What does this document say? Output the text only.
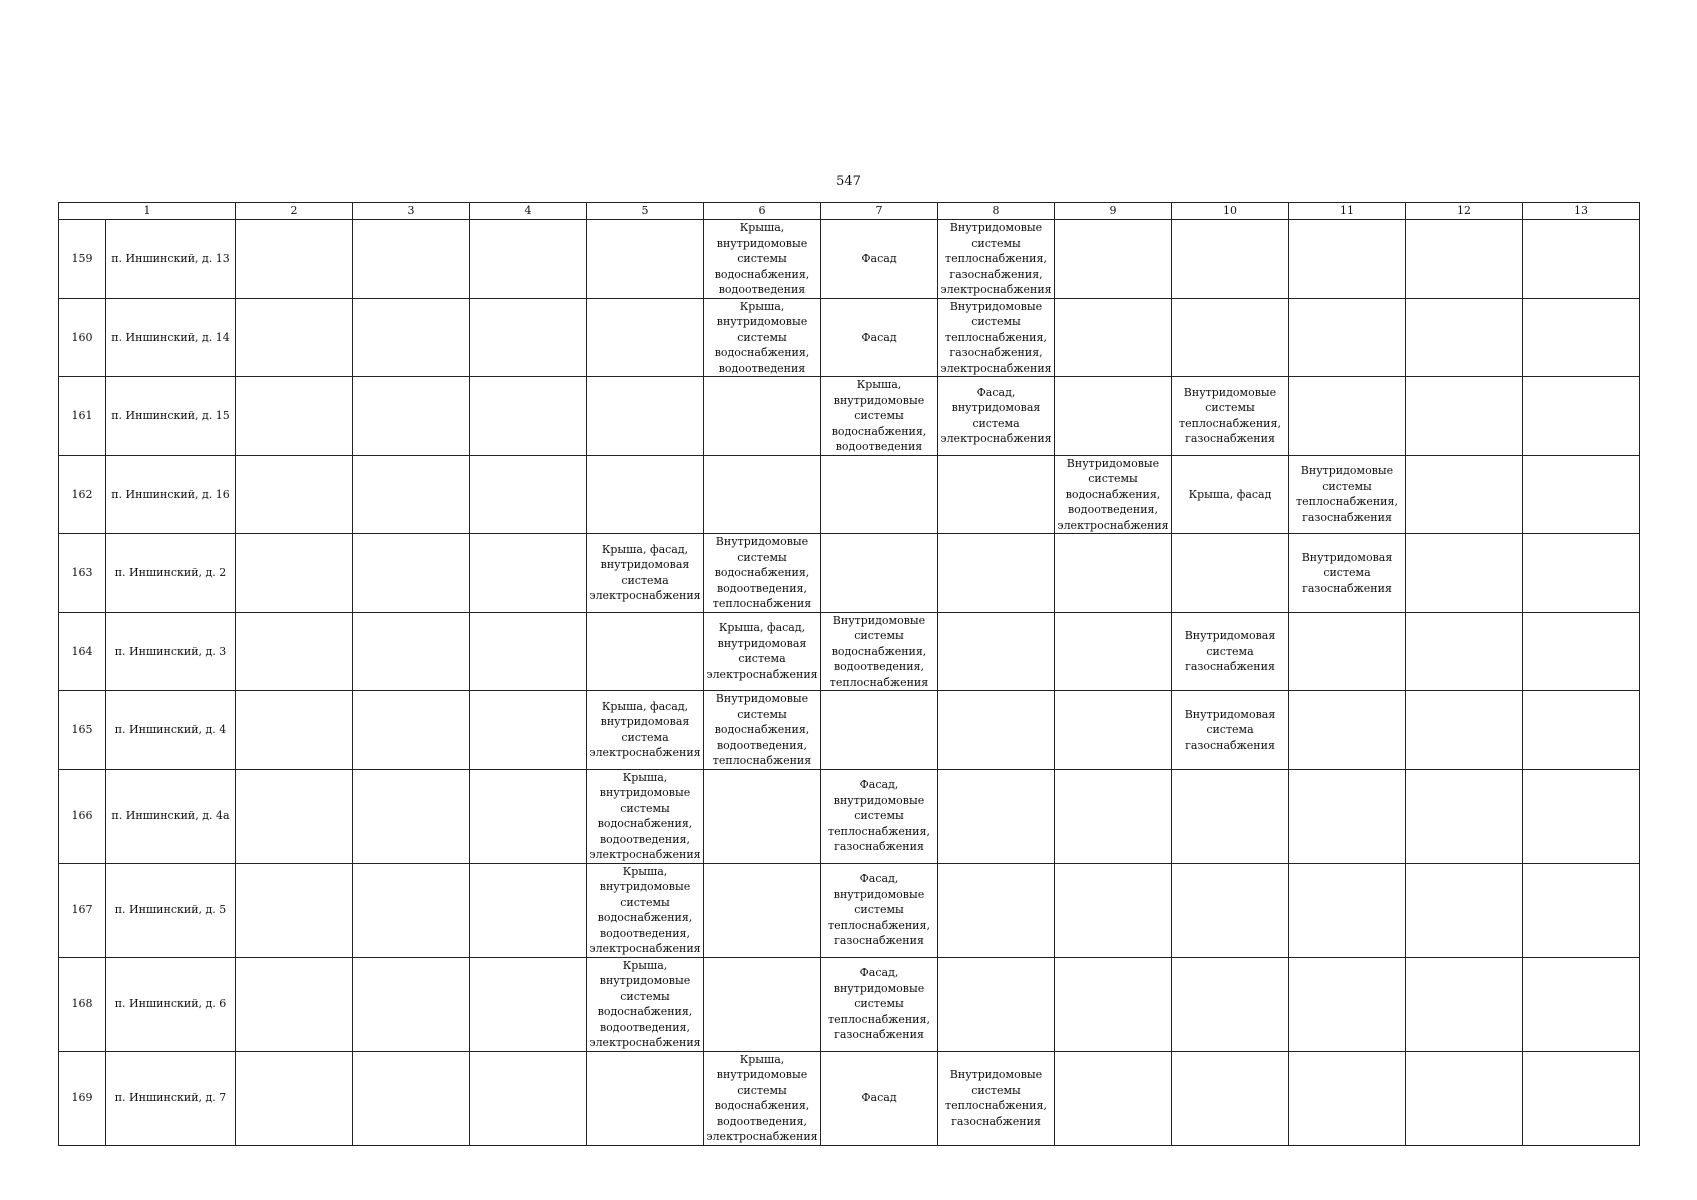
547
1		2	3	4	5	6	7	8	9	10	11	12	13
159	п. Иншинский, д. 13					Крыша, внутридомовые системы водоснабжения, водоотведения	Фасад	Внутридомовые системы теплоснабжения, газоснабжения, электроснабжения					
160	п. Иншинский, д. 14					Крыша, внутридомовые системы водоснабжения, водоотведения	Фасад	Внутридомовые системы теплоснабжения, газоснабжения, электроснабжения					
161	п. Иншинский, д. 15						Крыша, внутридомовые системы водоснабжения, водоотведения	Фасад, внутридомовая система электроснабжения		Внутридомовые системы теплоснабжения, газоснабжения			
162	п. Иншинский, д. 16								Внутридомовые системы водоснабжения, водоотведения, электроснабжения	Крыша, фасад	Внутридомовые системы теплоснабжения, газоснабжения		
163	п. Иншинский, д. 2				Крыша, фасад, внутридомовая система электроснабжения	Внутридомовые системы водоснабжения, водоотведения, теплоснабжения					Внутридомовая система газоснабжения		
164	п. Иншинский, д. 3					Крыша, фасад, внутридомовая система электроснабжения	Внутридомовые системы водоснабжения, водоотведения, теплоснабжения			Внутридомовая система газоснабжения			
165	п. Иншинский, д. 4				Крыша, фасад, внутридомовая система электроснабжения	Внутридомовые системы водоснабжения, водоотведения, теплоснабжения				Внутридомовая система газоснабжения			
166	п. Иншинский, д. 4а				Крыша, внутридомовые системы водоснабжения, водоотведения, электроснабжения		Фасад, внутридомовые системы теплоснабжения, газоснабжения						
167	п. Иншинский, д. 5				Крыша, внутридомовые системы водоснабжения, водоотведения, электроснабжения		Фасад, внутридомовые системы теплоснабжения, газоснабжения						
168	п. Иншинский, д. 6				Крыша, внутридомовые системы водоснабжения, водоотведения, электроснабжения		Фасад, внутридомовые системы теплоснабжения, газоснабжения						
169	п. Иншинский, д. 7					Крыша, внутридомовые системы водоснабжения, водоотведения, электроснабжения	Фасад	Внутридомовые системы теплоснабжения, газоснабжения					
